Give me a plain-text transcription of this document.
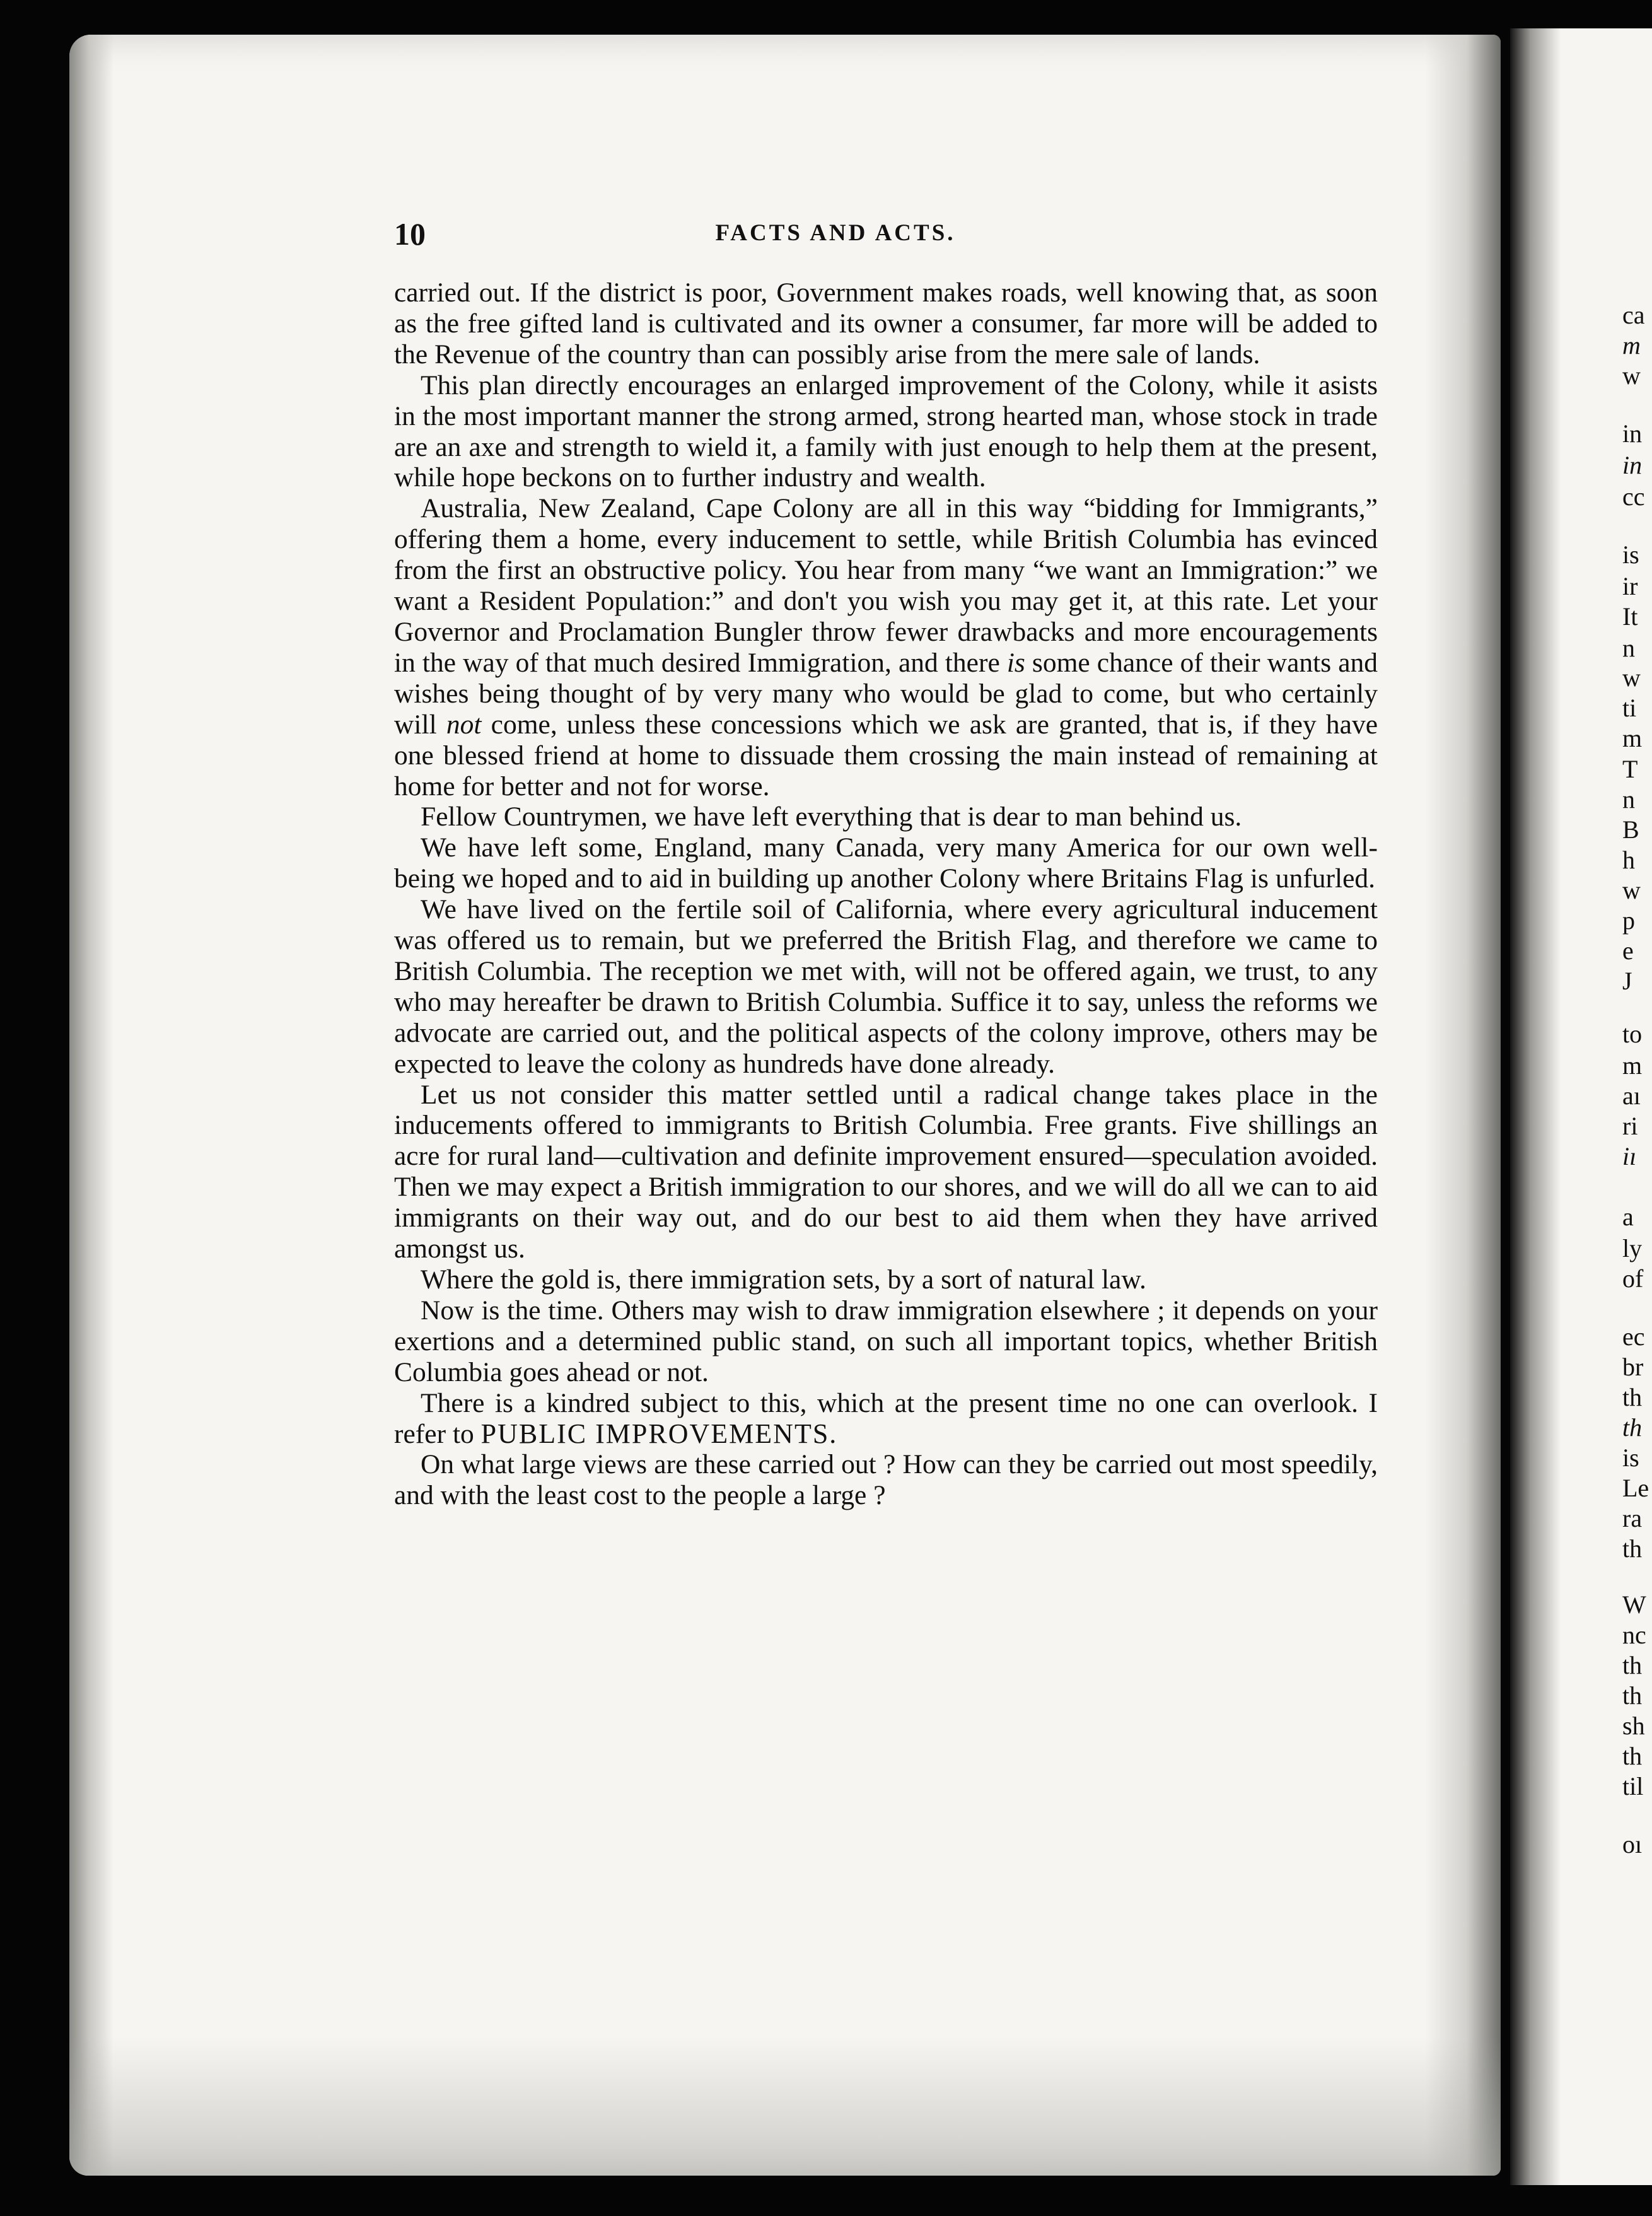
ca
m
w
in
in
cc
is
ir
It
n
w
ti
m
T
n
B
h
w
p
e
J
to
m
aı
ri
iı
a
ly
of
ec
br
th
th
is
Le
ra
th
W
nc
th
th
sh
th
til
oı
10	FACTS AND ACTS.

carried out. If the district is poor, Government makes roads, well knowing that, as soon as the free gifted land is cultivated and its owner a consumer, far more will be added to the Revenue of the country than can possibly arise from the mere sale of lands.

This plan directly encourages an enlarged improvement of the Colony, while it asists in the most important manner the strong armed, strong hearted man, whose stock in trade are an axe and strength to wield it, a family with just enough to help them at the present, while hope beckons on to further industry and wealth.

Australia, New Zealand, Cape Colony are all in this way “bidding for Immigrants,” offering them a home, every inducement to settle, while British Columbia has evinced from the first an obstructive policy. You hear from many “we want an Immigration:” we want a Resident Population:” and don't you wish you may get it, at this rate. Let your Governor and Proclamation Bungler throw fewer drawbacks and more encouragements in the way of that much desired Immigration, and there is some chance of their wants and wishes being thought of by very many who would be glad to come, but who certainly will not come, unless these concessions which we ask are granted, that is, if they have one blessed friend at home to dissuade them crossing the main instead of remaining at home for better and not for worse.

Fellow Countrymen, we have left everything that is dear to man behind us.

We have left some, England, many Canada, very many America for our own well-being we hoped and to aid in building up another Colony where Britains Flag is unfurled.

We have lived on the fertile soil of California, where every agricultural inducement was offered us to remain, but we preferred the British Flag, and therefore we came to British Columbia. The reception we met with, will not be offered again, we trust, to any who may hereafter be drawn to British Columbia. Suffice it to say, unless the reforms we advocate are carried out, and the political aspects of the colony improve, others may be expected to leave the colony as hundreds have done already.

Let us not consider this matter settled until a radical change takes place in the inducements offered to immigrants to British Columbia. Free grants. Five shillings an acre for rural land—cultivation and definite improvement ensured—speculation avoided. Then we may expect a British immigration to our shores, and we will do all we can to aid immigrants on their way out, and do our best to aid them when they have arrived amongst us.

Where the gold is, there immigration sets, by a sort of natural law.

Now is the time. Others may wish to draw immigration elsewhere ; it depends on your exertions and a determined public stand, on such all important topics, whether British Columbia goes ahead or not.

There is a kindred subject to this, which at the present time no one can overlook. I refer to PUBLIC IMPROVEMENTS.

On what large views are these carried out ? How can they be carried out most speedily, and with the least cost to the people a large ?
